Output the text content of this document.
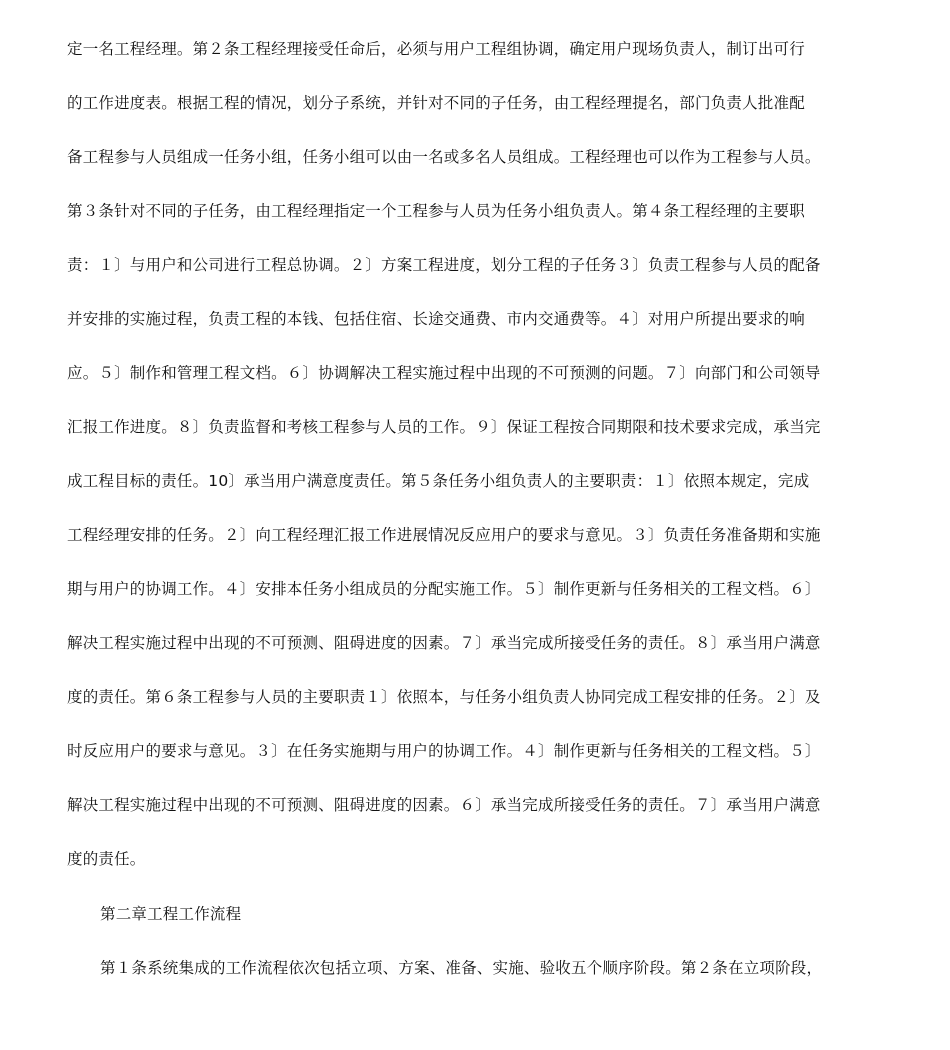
定一名工程经理。第２条工程经理接受任命后，必须与用户工程组协调，确定用户现场负责人，制订出可行
的工作进度表。根据工程的情况，划分子系统，并针对不同的子任务，由工程经理提名，部门负责人批准配
备工程参与人员组成一任务小组，任务小组可以由一名或多名人员组成。工程经理也可以作为工程参与人员。
第３条针对不同的子任务，由工程经理指定一个工程参与人员为任务小组负责人。第４条工程经理的主要职
责：１〕与用户和公司进行工程总协调。２〕方案工程进度，划分工程的子任务３〕负责工程参与人员的配备
并安排的实施过程，负责工程的本钱、包括住宿、长途交通费、市内交通费等。４〕对用户所提出要求的响
应。５〕制作和管理工程文档。６〕协调解决工程实施过程中出现的不可预测的问题。７〕向部门和公司领导
汇报工作进度。８〕负责监督和考核工程参与人员的工作。９〕保证工程按合同期限和技术要求完成，承当完
成工程目标的责任。10〕承当用户满意度责任。第５条任务小组负责人的主要职责：１〕依照本规定，完成
工程经理安排的任务。２〕向工程经理汇报工作进展情况反应用户的要求与意见。３〕负责任务准备期和实施
期与用户的协调工作。４〕安排本任务小组成员的分配实施工作。５〕制作更新与任务相关的工程文档。６〕
解决工程实施过程中出现的不可预测、阻碍进度的因素。７〕承当完成所接受任务的责任。８〕承当用户满意
度的责任。第６条工程参与人员的主要职责１〕依照本，与任务小组负责人协同完成工程安排的任务。２〕及
时反应用户的要求与意见。３〕在任务实施期与用户的协调工作。４〕制作更新与任务相关的工程文档。５〕
解决工程实施过程中出现的不可预测、阻碍进度的因素。６〕承当完成所接受任务的责任。７〕承当用户满意
度的责任。
第二章工程工作流程
第１条系统集成的工作流程依次包括立项、方案、准备、实施、验收五个顺序阶段。第２条在立项阶段，
